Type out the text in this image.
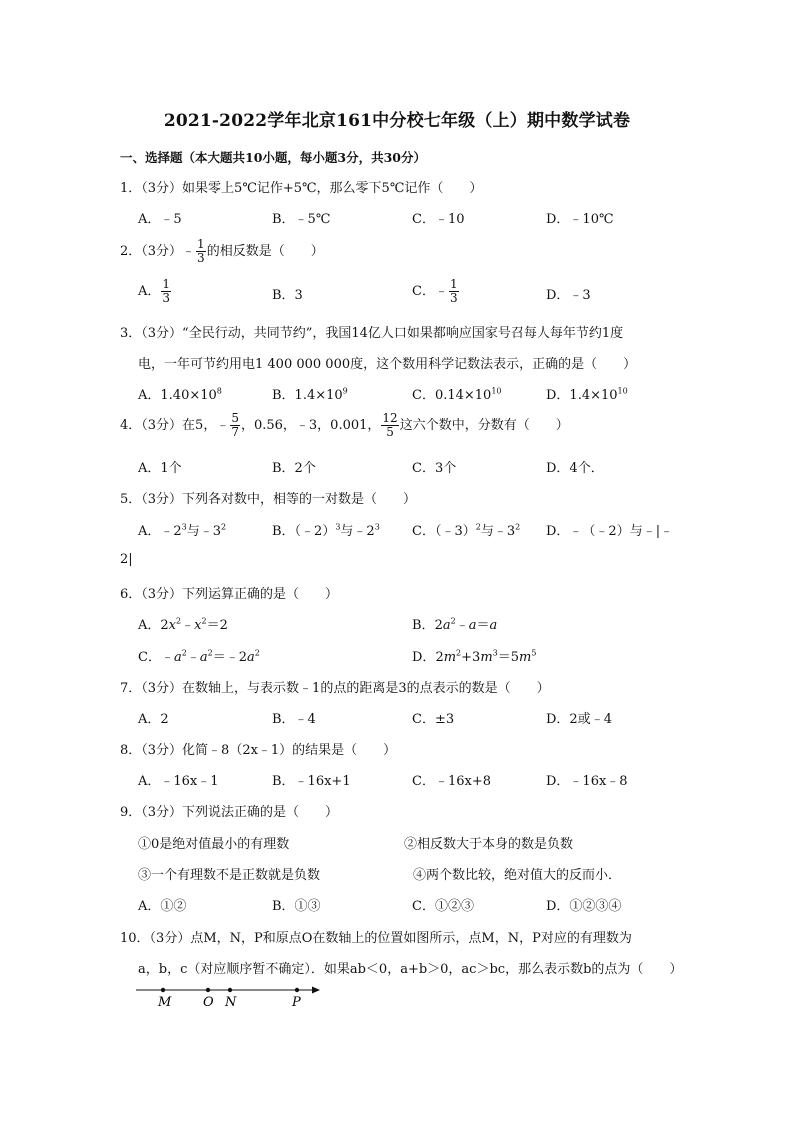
2021-2022学年北京161中分校七年级（上）期中数学试卷
一、选择题（本大题共10小题，每小题3分，共30分）
1．（3分）如果零上5℃记作+5℃，那么零下5℃记作（　　）
A．﹣5	B．﹣5℃	C．﹣10	D．﹣10℃
2．（3分）﹣ $\frac{1}{3}$ 的相反数是（　　）
A． $\frac{1}{3}$	B．3	C．﹣ $\frac{1}{3}$	D．﹣3
3．（3分）“全民行动，共同节约”，我国14亿人口如果都响应国家号召每人每年节约1度
电，一年可节约用电1 400 000 000度，这个数用科学记数法表示，正确的是（　　）
A．$1.40\times 10^8$	B．$1.4\times 10^9$	C．$0.14\times 10^{10}$	D．$1.4\times 10^{10}$
4．（3分）在5，﹣ $\frac{5}{7}$ ，0.56，﹣3，0.001， $\frac{12}{5}$ 这六个数中，分数有（　　）
A．1个	B．2个	C．3个	D．4个．
5．（3分）下列各对数中，相等的一对数是（　　）
A．$﹣2^3$与$﹣3^2$	B．（﹣2）$^3$与$﹣2^3$ C．（﹣3）$^2$与$﹣3^2$ D．﹣（﹣2）与﹣|﹣
2|
6．（3分）下列运算正确的是（　　）
A．$2x^2﹣x^2=2$	B．$2a^2﹣a=a$
C．$﹣a^2﹣a^2=﹣2a^2$	D．$2m^2+3m^3=5m^5$
7．（3分）在数轴上，与表示数﹣1的点的距离是3的点表示的数是（　　）
A．2	B．﹣4	C．±3	D．2或﹣4
8．（3分）化简﹣8（2x﹣1）的结果是（　　）
A．﹣16x﹣1	B．﹣16x+1	C．﹣16x+8	D．﹣16x﹣8
9．（3分）下列说法正确的是（　　）
①0是绝对值最小的有理数	②相反数大于本身的数是负数
③一个有理数不是正数就是负数	④两个数比较，绝对值大的反而小．
A．①②	B．①③	C．①②③	D．①②③④
10．（3分）点M，N，P和原点O在数轴上的位置如图所示，点M，N，P对应的有理数为
a，b，c（对应顺序暂不确定）．如果ab＜0，a+b＞0，ac＞bc，那么表示数b的点为（　　）
M O N	P
